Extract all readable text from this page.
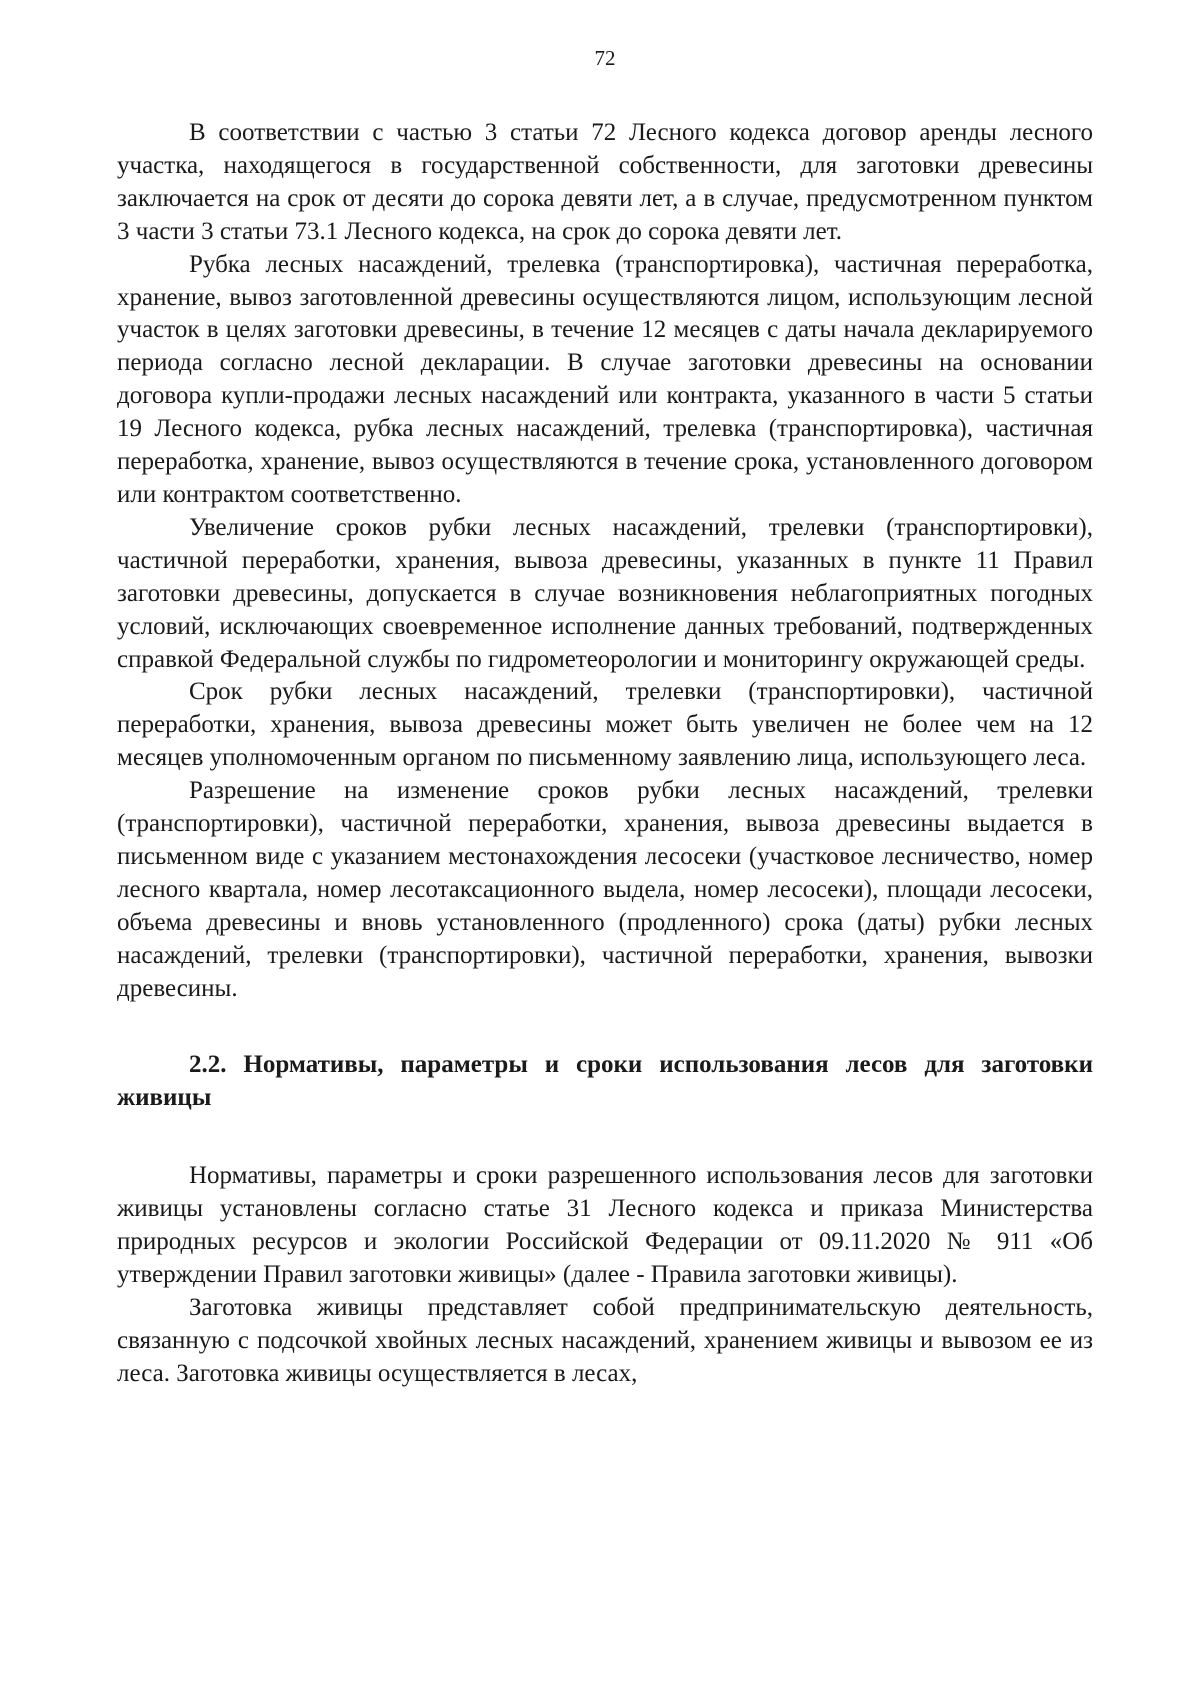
72

В соответствии с частью 3 статьи 72 Лесного кодекса договор аренды лесного участка, находящегося в государственной собственности, для заготовки древесины заключается на срок от десяти до сорока девяти лет, а в случае, предусмотренном пунктом 3 части 3 статьи 73.1 Лесного кодекса, на срок до сорока девяти лет.

Рубка лесных насаждений, трелевка (транспортировка), частичная переработка, хранение, вывоз заготовленной древесины осуществляются лицом, использующим лесной участок в целях заготовки древесины, в течение 12 месяцев с даты начала декларируемого периода согласно лесной декларации. В случае заготовки древесины на основании договора купли-продажи лесных насаждений или контракта, указанного в части 5 статьи 19 Лесного кодекса, рубка лесных насаждений, трелевка (транспортировка), частичная переработка, хранение, вывоз осуществляются в течение срока, установленного договором или контрактом соответственно.

Увеличение сроков рубки лесных насаждений, трелевки (транспортировки), частичной переработки, хранения, вывоза древесины, указанных в пункте 11 Правил заготовки древесины, допускается в случае возникновения неблагоприятных погодных условий, исключающих своевременное исполнение данных требований, подтвержденных справкой Федеральной службы по гидрометеорологии и мониторингу окружающей среды.

Срок рубки лесных насаждений, трелевки (транспортировки), частичной переработки, хранения, вывоза древесины может быть увеличен не более чем на 12 месяцев уполномоченным органом по письменному заявлению лица, использующего леса.

Разрешение на изменение сроков рубки лесных насаждений, трелевки (транспортировки), частичной переработки, хранения, вывоза древесины выдается в письменном виде с указанием местонахождения лесосеки (участковое лесничество, номер лесного квартала, номер лесотаксационного выдела, номер лесосеки), площади лесосеки, объема древесины и вновь установленного (продленного) срока (даты) рубки лесных насаждений, трелевки (транспортировки), частичной переработки, хранения, вывозки древесины.

2.2. Нормативы, параметры и сроки использования лесов для заготовки живицы

Нормативы, параметры и сроки разрешенного использования лесов для заготовки живицы установлены согласно статье 31 Лесного кодекса и приказа Министерства природных ресурсов и экологии Российской Федерации от 09.11.2020 № 911 «Об утверждении Правил заготовки живицы» (далее - Правила заготовки живицы).

Заготовка живицы представляет собой предпринимательскую деятельность, связанную с подсочкой хвойных лесных насаждений, хранением живицы и вывозом ее из леса. Заготовка живицы осуществляется в лесах,
